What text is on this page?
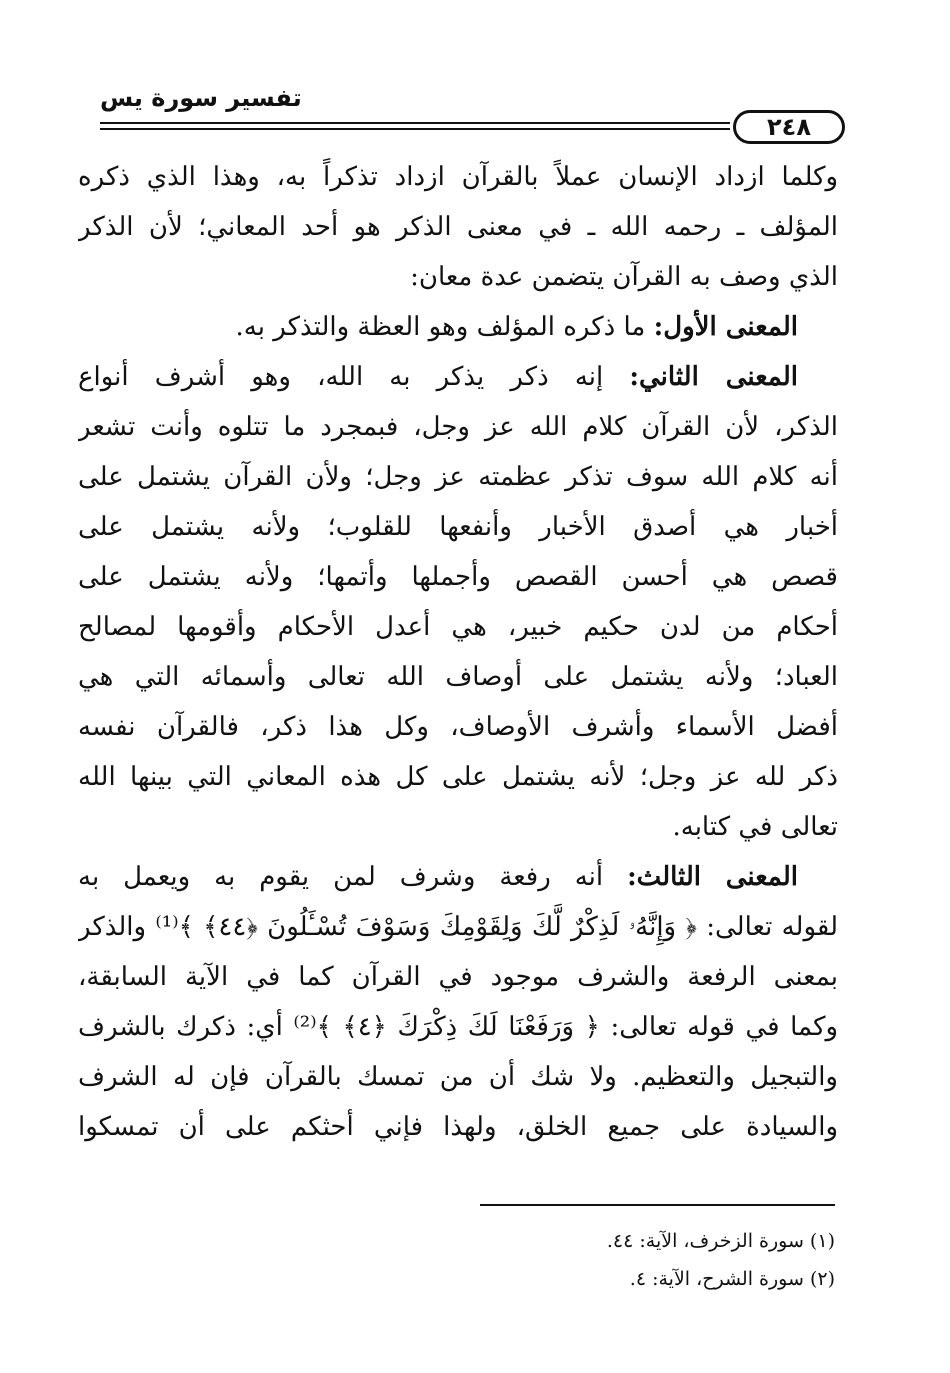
تفسير سورة يس
٢٤٨
وكلما ازداد الإنسان عملاً بالقرآن ازداد تذكراً به، وهذا الذي ذكره
المؤلف ـ رحمه الله ـ في معنى الذكر هو أحد المعاني؛ لأن الذكر
الذي وصف به القرآن يتضمن عدة معان:
المعنى الأول: ما ذكره المؤلف وهو العظة والتذكر به.
المعنى الثاني: إنه ذكر يذكر به الله، وهو أشرف أنواع
الذكر، لأن القرآن كلام الله عز وجل، فبمجرد ما تتلوه وأنت تشعر
أنه كلام الله سوف تذكر عظمته عز وجل؛ ولأن القرآن يشتمل على
أخبار هي أصدق الأخبار وأنفعها للقلوب؛ ولأنه يشتمل على
قصص هي أحسن القصص وأجملها وأتمها؛ ولأنه يشتمل على
أحكام من لدن حكيم خبير، هي أعدل الأحكام وأقومها لمصالح
العباد؛ ولأنه يشتمل على أوصاف الله تعالى وأسمائه التي هي
أفضل الأسماء وأشرف الأوصاف، وكل هذا ذكر، فالقرآن نفسه
ذكر لله عز وجل؛ لأنه يشتمل على كل هذه المعاني التي بينها الله
تعالى في كتابه.
المعنى الثالث: أنه رفعة وشرف لمن يقوم به ويعمل به
لقوله تعالى: ﴿ وَإِنَّهُۥ لَذِكْرٌ لَّكَ وَلِقَوْمِكَ وَسَوْفَ تُسْـَٔلُونَ ﴿٤٤﴾ ﴾⁽¹⁾ والذكر
بمعنى الرفعة والشرف موجود في القرآن كما في الآية السابقة،
وكما في قوله تعالى: ﴿ وَرَفَعْنَا لَكَ ذِكْرَكَ ﴿٤﴾ ﴾⁽²⁾ أي: ذكرك بالشرف
والتبجيل والتعظيم. ولا شك أن من تمسك بالقرآن فإن له الشرف
والسيادة على جميع الخلق، ولهذا فإني أحثكم على أن تمسكوا
(١) سورة الزخرف، الآية: ٤٤.
(٢) سورة الشرح، الآية: ٤.
